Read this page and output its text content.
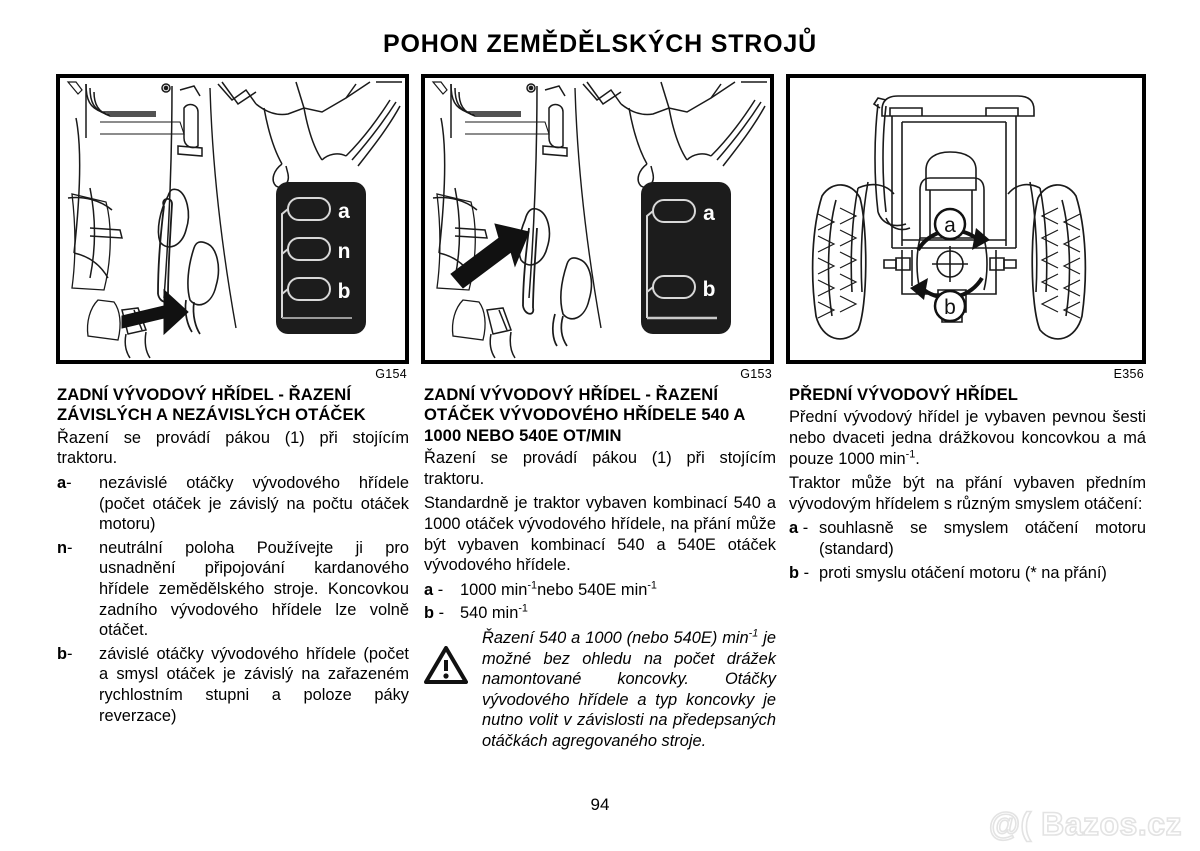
POHON ZEMĚDĚLSKÝCH STROJŮ
a
n
b
G154
a
b
G153
a
b
E356
ZADNÍ VÝVODOVÝ HŘÍDEL - ŘAZENÍ ZÁVISLÝCH A NEZÁVISLÝCH OTÁČEK

Řazení se provádí pákou (1) při stojícím traktoru.

a-	nezávislé otáčky vývodového hřídele (počet otáček je závislý na počtu otáček motoru)
n-	neutrální poloha Používejte ji pro usnadnění připojování kardanového hřídele zemědělského stroje. Koncovkou zadního vývodového hřídele lze volně otáčet.
b-	závislé otáčky vývodového hřídele (počet a smysl otáček je závislý na zařazeném rychlostním stupni a poloze páky reverzace)
ZADNÍ VÝVODOVÝ HŘÍDEL - ŘAZENÍ OTÁČEK VÝVODOVÉHO HŘÍDELE 540 A 1000 NEBO 540E OT/MIN

Řazení se provádí pákou (1) při stojícím traktoru.

Standardně je traktor vybaven kombinací 540 a 1000 otáček vývodového hřídele, na přání může být vybaven kombinací 540 a 540E otáček vývodového hřídele.

a -	1000 $\min^{-1}nebo$ 540E $\min^{-1}$
b - 540 $\min^{-1}$
Řazení 540 a 1000 (nebo 540E) $\min^{-1}$ je možné bez ohledu na počet drážek namontované koncovky. Otáčky vývodového hřídele a typ koncovky je nutno volit v závislosti na předepsaných otáčkách agregovaného stroje.
PŘEDNÍ VÝVODOVÝ HŘÍDEL

Přední vývodový hřídel je vybaven pevnou šesti nebo dvaceti jedna drážkovou koncovkou a má pouze 1000 $\min^{-1}$.

Traktor může být na přání vybaven předním vývodovým hřídelem s různým smyslem otáčení:

a - souhlasně se smyslem otáčení motoru (standard)
b - proti smyslu otáčení motoru (* na přání)
94
@( Bazos.cz
